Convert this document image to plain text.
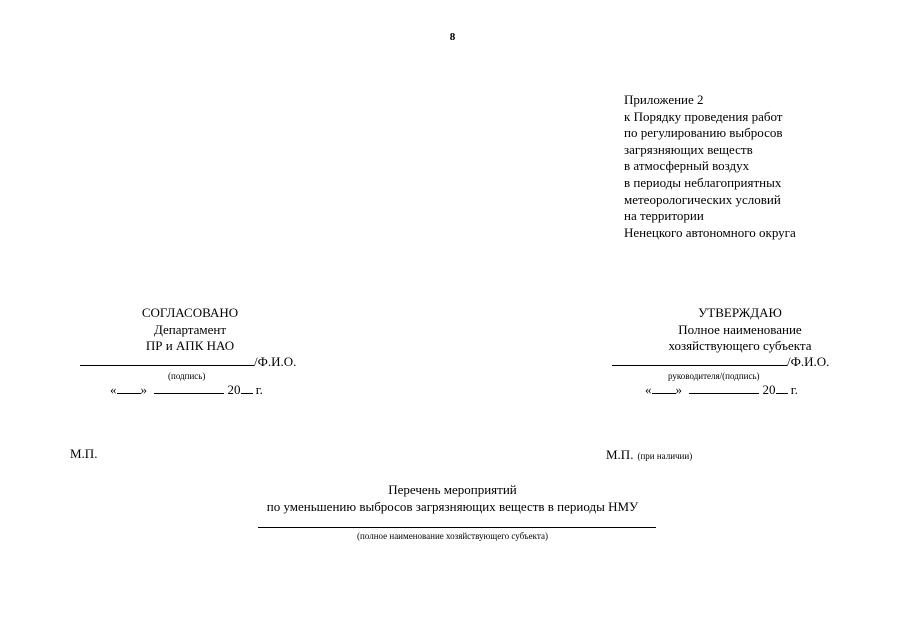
8
Приложение 2
к Порядку проведения работ
по регулированию выбросов
загрязняющих веществ
в атмосферный воздух
в периоды неблагоприятных
метеорологических условий
на территории
Ненецкого автономного округа
СОГЛАСОВАНО
Департамент
ПР и АПК НАО
/Ф.И.О.
(подпись)
« »	20 г.
М.П.
УТВЕРЖДАЮ
Полное наименование
хозяйствующего субъекта
/Ф.И.О.
руководителя/(подпись)
« »	20 г.
М.П. (при наличии)
Перечень мероприятий
по уменьшению выбросов загрязняющих веществ в периоды НМУ
(полное наименование хозяйствующего субъекта)
